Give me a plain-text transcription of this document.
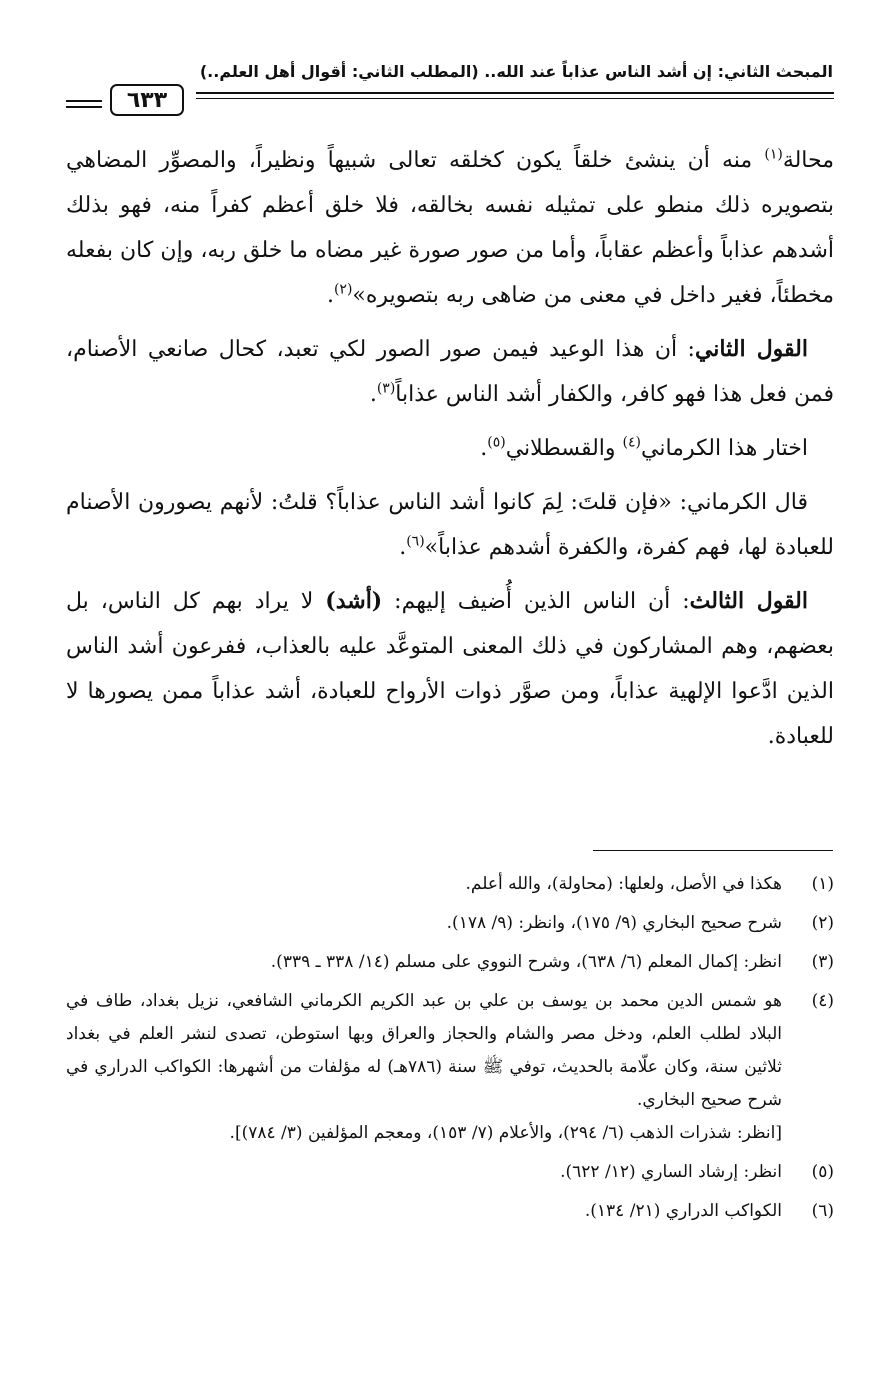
المبحث الثاني: إن أشد الناس عذاباً عند الله.. (المطلب الثاني: أقوال أهل العلم..)
٦٣٣

محالة$^{(١)}$ منه أن ينشئ خلقاً يكون كخلقه تعالى شبيهاً ونظيراً، والمصوِّر المضاهي بتصويره ذلك منطو على تمثيله نفسه بخالقه، فلا خلق أعظم كفراً منه، فهو بذلك أشدهم عذاباً وأعظم عقاباً، وأما من صور صورة غير مضاه ما خلق ربه، وإن كان بفعله مخطئاً، فغير داخل في معنى من ضاهى ربه بتصويره»$^{(٢)}$.

القول الثاني: أن هذا الوعيد فيمن صور الصور لكي تعبد، كحال صانعي الأصنام، فمن فعل هذا فهو كافر، والكفار أشد الناس عذاباً$^{(٣)}$.

اختار هذا الكرماني$^{(٤)}$ والقسطلاني$^{(٥)}$.

قال الكرماني: «فإن قلتَ: لِمَ كانوا أشد الناس عذاباً؟ قلتُ: لأنهم يصورون الأصنام للعبادة لها، فهم كفرة، والكفرة أشدهم عذاباً»$^{(٦)}$.

القول الثالث: أن الناس الذين أُضيف إليهم: (أشد) لا يراد بهم كل الناس، بل بعضهم، وهم المشاركون في ذلك المعنى المتوعَّد عليه بالعذاب، ففرعون أشد الناس الذين ادَّعوا الإلهية عذاباً، ومن صوَّر ذوات الأرواح للعبادة، أشد عذاباً ممن يصورها لا للعبادة.

(١)
هكذا في الأصل، ولعلها: (محاولة)، والله أعلم.
(٢)
شرح صحيح البخاري (٩/ ١٧٥)، وانظر: (٩/ ١٧٨).
(٣)
انظر: إكمال المعلم (٦/ ٦٣٨)، وشرح النووي على مسلم (١٤/ ٣٣٨ ـ ٣٣٩).
(٤)
هو شمس الدين محمد بن يوسف بن علي بن عبد الكريم الكرماني الشافعي، نزيل بغداد، طاف في البلاد لطلب العلم، ودخل مصر والشام والحجاز والعراق وبها استوطن، تصدى لنشر العلم في بغداد ثلاثين سنة، وكان علّامة بالحديث، توفي ﷺ سنة (٧٨٦هـ) له مؤلفات من أشهرها: الكواكب الدراري في شرح صحيح البخاري.
[انظر: شذرات الذهب (٦/ ٢٩٤)، والأعلام (٧/ ١٥٣)، ومعجم المؤلفين (٣/ ٧٨٤)].
(٥)
انظر: إرشاد الساري (١٢/ ٦٢٢).
(٦)
الكواكب الدراري (٢١/ ١٣٤).
